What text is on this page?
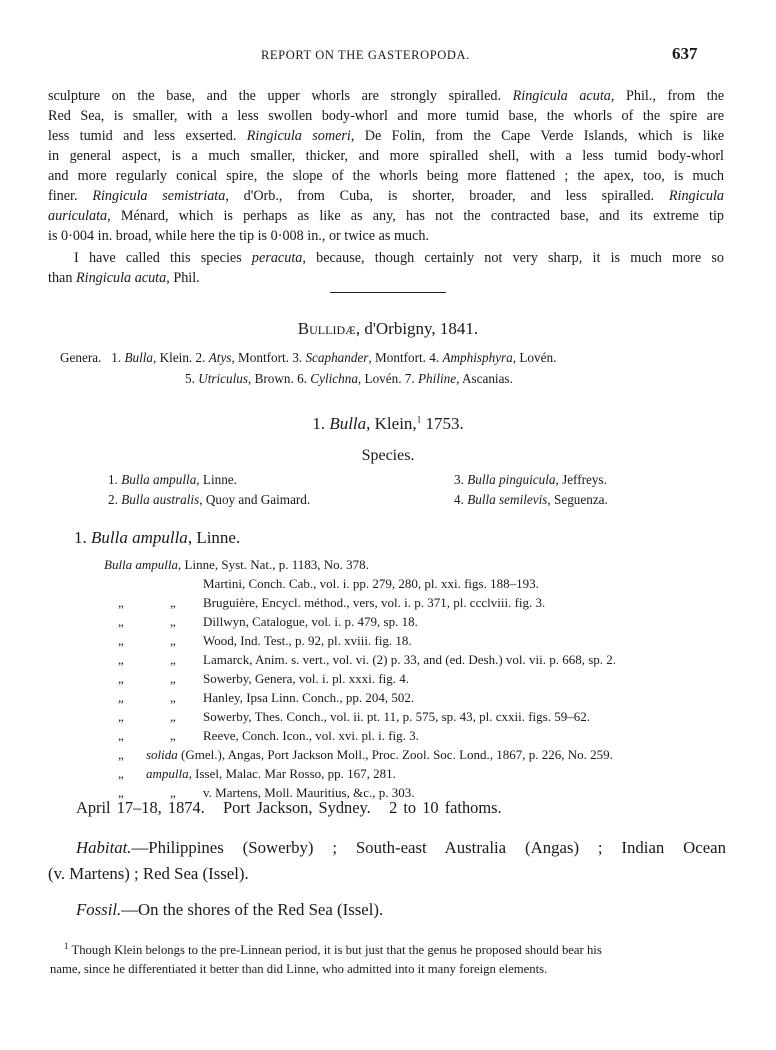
REPORT ON THE GASTEROPODA.	637
sculpture on the base, and the upper whorls are strongly spiralled. Ringicula acuta, Phil., from the
Red Sea, is smaller, with a less swollen body-whorl and more tumid base, the whorls of the spire are
less tumid and less exserted. Ringicula someri, De Folin, from the Cape Verde Islands, which is like
in general aspect, is a much smaller, thicker, and more spiralled shell, with a less tumid body-whorl
and more regularly conical spire, the slope of the whorls being more flattened ; the apex, too, is much
finer. Ringicula semistriata, d'Orb., from Cuba, is shorter, broader, and less spiralled. Ringicula
auriculata, Ménard, which is perhaps as like as any, has not the contracted base, and its extreme tip
is 0·004 in. broad, while here the tip is 0·008 in., or twice as much.
I have called this species peracuta, because, though certainly not very sharp, it is much more so
than Ringicula acuta, Phil.
Bullidæ, d'Orbigny, 1841.
Genera. 1. Bulla, Klein. 2. Atys, Montfort. 3. Scaphander, Montfort. 4. Amphisphyra, Lovén.
5. Utriculus, Brown. 6. Cylichna, Lovén. 7. Philine, Ascanias.
1. Bulla, Klein,$^1$ 1753.
Species.
1. Bulla ampulla, Linne.
2. Bulla australis, Quoy and Gaimard.
3. Bulla pinguicula, Jeffreys.
4. Bulla semilevis, Seguenza.
1. Bulla ampulla, Linne.
Bulla ampulla, Linne, Syst. Nat., p. 1183, No. 378.
Martini, Conch. Cab., vol. i. pp. 279, 280, pl. xxi. figs. 188–193.
„	„ Bruguière, Encycl. méthod., vers, vol. i. p. 371, pl. ccclviii. fig. 3.
„	„ Dillwyn, Catalogue, vol. i. p. 479, sp. 18.
„	„ Wood, Ind. Test., p. 92, pl. xviii. fig. 18.
„	„ Lamarck, Anim. s. vert., vol. vi. (2) p. 33, and (ed. Desh.) vol. vii. p. 668, sp. 2.
„	„ Sowerby, Genera, vol. i. pl. xxxi. fig. 4.
„	„ Hanley, Ipsa Linn. Conch., pp. 204, 502.
„	„ Sowerby, Thes. Conch., vol. ii. pt. 11, p. 575, sp. 43, pl. cxxii. figs. 59–62.
„	„ Reeve, Conch. Icon., vol. xvi. pl. i. fig. 3.
„ solida (Gmel.), Angas, Port Jackson Moll., Proc. Zool. Soc. Lond., 1867, p. 226, No. 259.
„ ampulla, Issel, Malac. Mar Rosso, pp. 167, 281.
„	„ v. Martens, Moll. Mauritius, &c., p. 303.
April 17–18, 1874. Port Jackson, Sydney. 2 to 10 fathoms.
Habitat.—Philippines (Sowerby) ; South-east Australia (Angas) ; Indian Ocean
(v. Martens) ; Red Sea (Issel).
Fossil.—On the shores of the Red Sea (Issel).
$^1$ Though Klein belongs to the pre-Linnean period, it is but just that the genus he proposed should bear his
name, since he differentiated it better than did Linne, who admitted into it many foreign elements.
